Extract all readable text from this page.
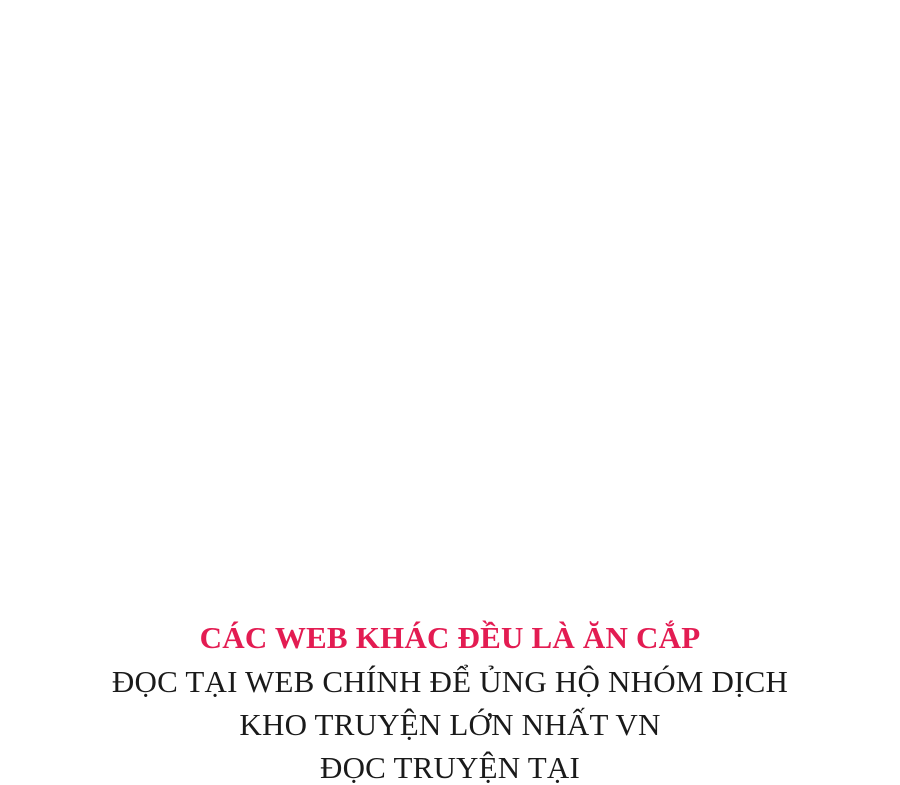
CÁC WEB KHÁC ĐỀU LÀ ĂN CẮP
ĐỌC TẠI WEB CHÍNH ĐỂ ỦNG HỘ NHÓM DỊCH
KHO TRUYỆN LỚN NHẤT VN
ĐỌC TRUYỆN TẠI
